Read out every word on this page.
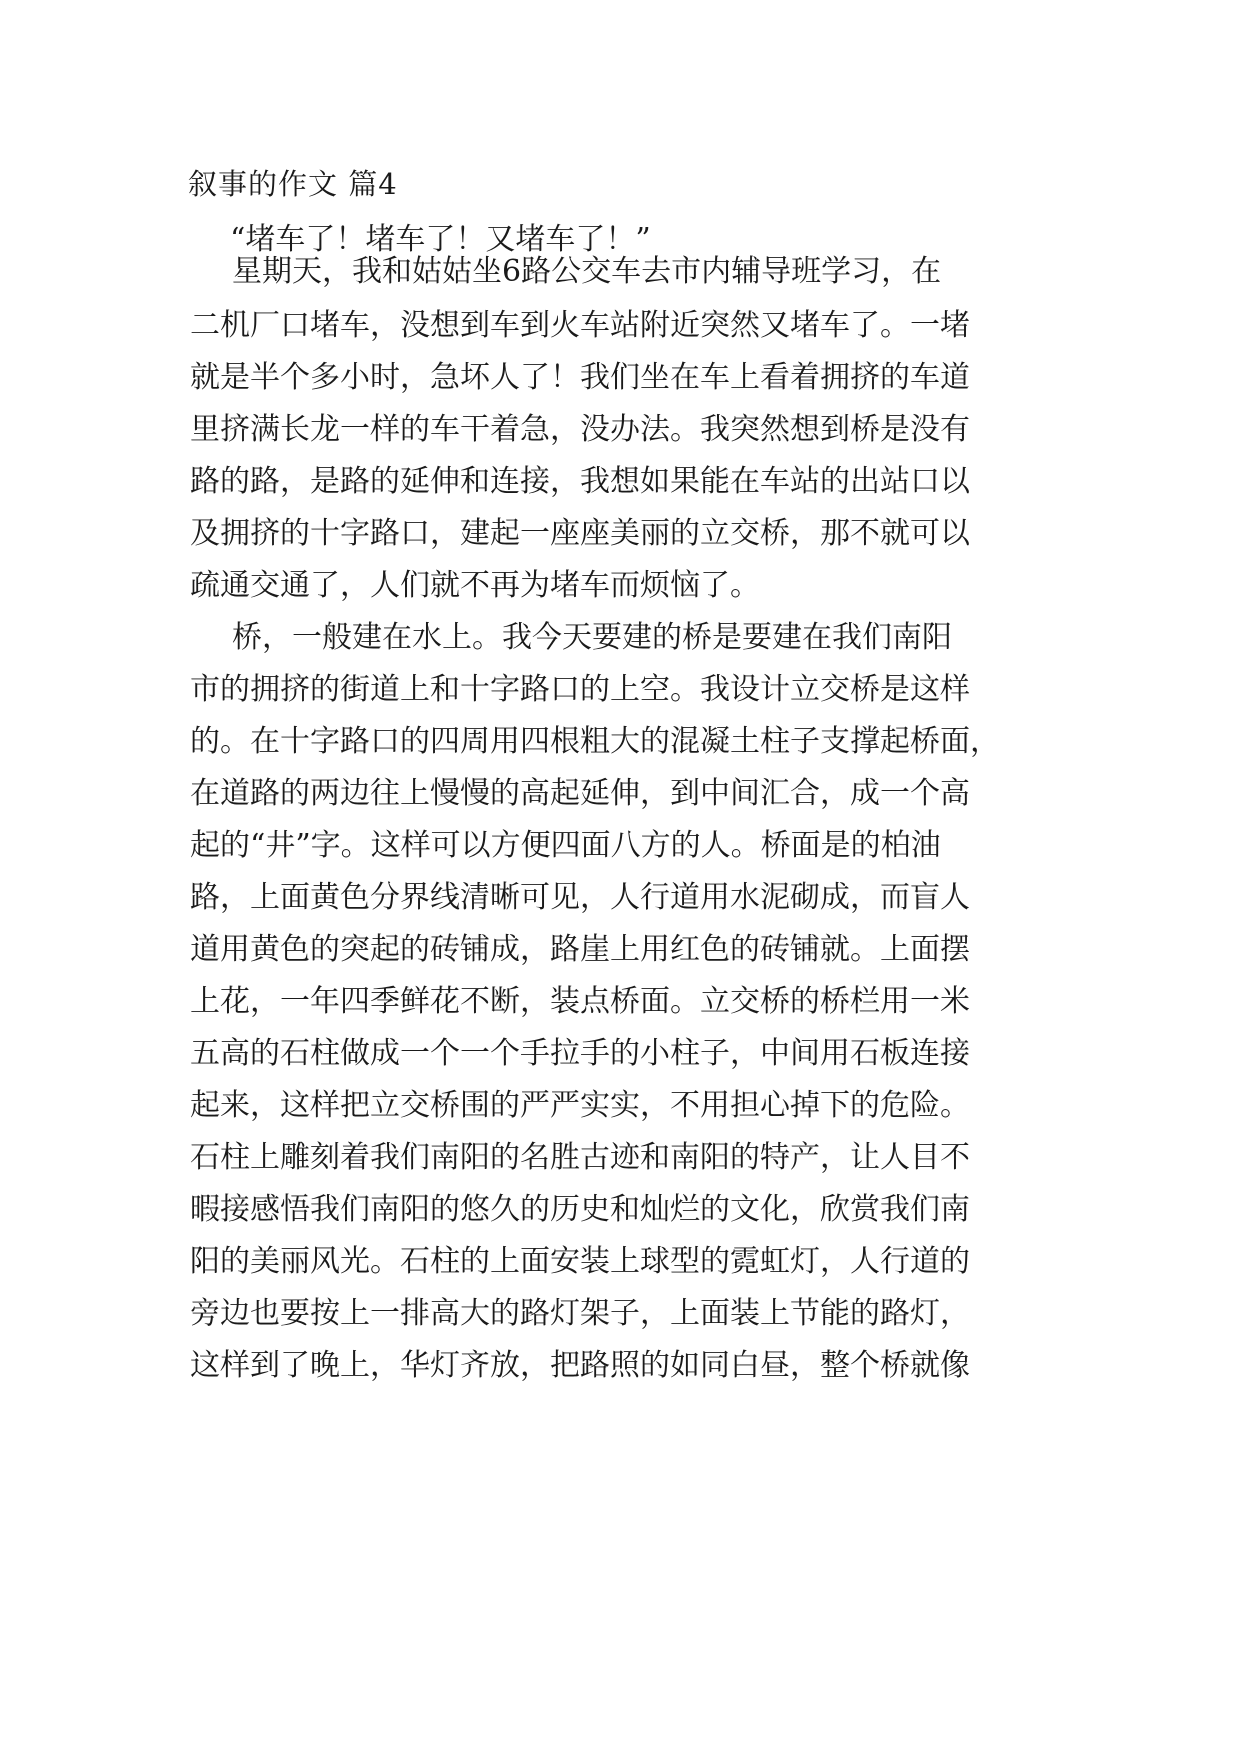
叙事的作文 篇4
“堵车了！堵车了！又堵车了！”
星期天，我和姑姑坐6路公交车去市内辅导班学习，在
二机厂口堵车，没想到车到火车站附近突然又堵车了。一堵
就是半个多小时，急坏人了！我们坐在车上看着拥挤的车道
里挤满长龙一样的车干着急，没办法。我突然想到桥是没有
路的路，是路的延伸和连接，我想如果能在车站的出站口以
及拥挤的十字路口，建起一座座美丽的立交桥，那不就可以
疏通交通了，人们就不再为堵车而烦恼了。
桥，一般建在水上。我今天要建的桥是要建在我们南阳
市的拥挤的街道上和十字路口的上空。我设计立交桥是这样
的。在十字路口的四周用四根粗大的混凝土柱子支撑起桥面，
在道路的两边往上慢慢的高起延伸，到中间汇合，成一个高
起的“井”字。这样可以方便四面八方的人。桥面是的柏油
路，上面黄色分界线清晰可见，人行道用水泥砌成，而盲人
道用黄色的突起的砖铺成，路崖上用红色的砖铺就。上面摆
上花，一年四季鲜花不断，装点桥面。立交桥的桥栏用一米
五高的石柱做成一个一个手拉手的小柱子，中间用石板连接
起来，这样把立交桥围的严严实实，不用担心掉下的危险。
石柱上雕刻着我们南阳的名胜古迹和南阳的特产，让人目不
暇接感悟我们南阳的悠久的历史和灿烂的文化，欣赏我们南
阳的美丽风光。石柱的上面安装上球型的霓虹灯，人行道的
旁边也要按上一排高大的路灯架子，上面装上节能的路灯，
这样到了晚上，华灯齐放，把路照的如同白昼，整个桥就像
